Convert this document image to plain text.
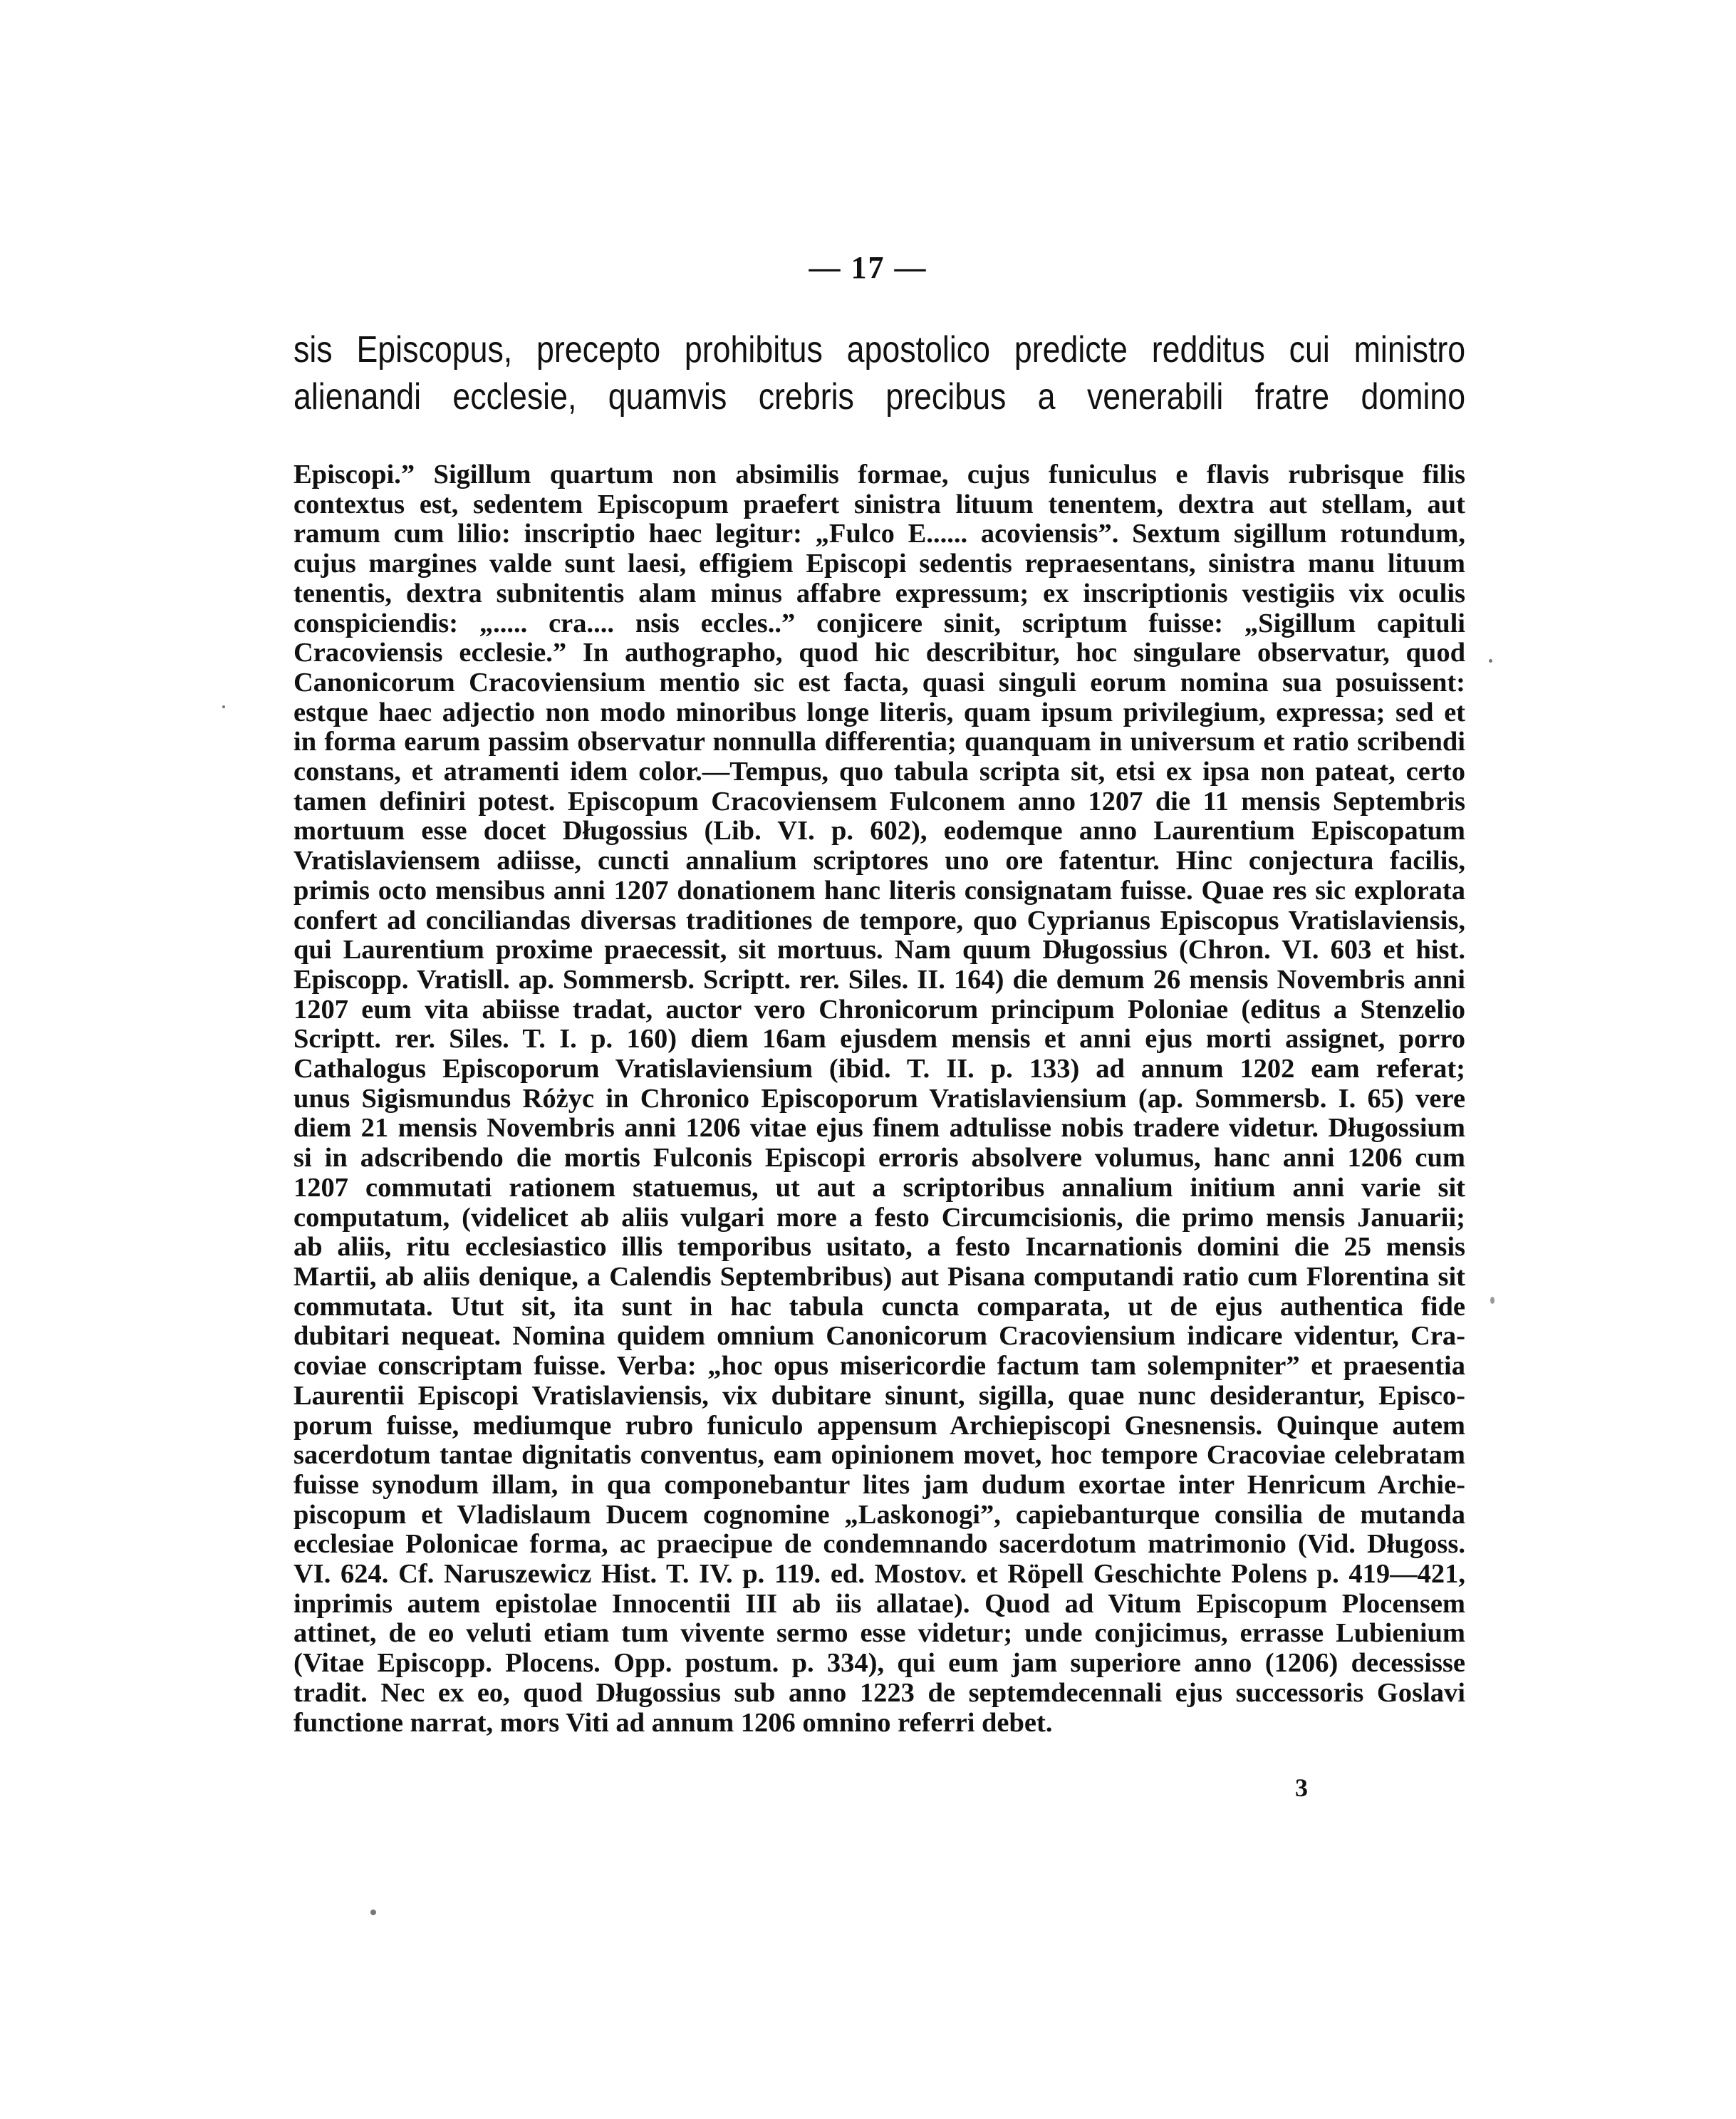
— 17 —
sis Episcopus, precepto prohibitus apostolico predicte redditus cui ministro
alienandi ecclesie, quamvis crebris precibus a venerabili fratre domino

Episcopi.” Sigillum quartum non absimilis formae, cujus funiculus e flavis rubrisque filis

contextus est, sedentem Episcopum praefert sinistra lituum tenentem, dextra aut stellam, aut

ramum cum lilio: inscriptio haec legitur: „Fulco E...... acoviensis”. Sextum sigillum rotundum,

cujus margines valde sunt laesi, effigiem Episcopi sedentis repraesentans, sinistra manu lituum

tenentis, dextra subnitentis alam minus affabre expressum; ex inscriptionis vestigiis vix oculis

conspiciendis: „..... cra.... nsis eccles..” conjicere sinit, scriptum fuisse: „Sigillum capituli

Cracoviensis ecclesie.” In authographo, quod hic describitur, hoc singulare observatur, quod

Canonicorum Cracoviensium mentio sic est facta, quasi singuli eorum nomina sua posuissent:

estque haec adjectio non modo minoribus longe literis, quam ipsum privilegium, expressa; sed et

in forma earum passim observatur nonnulla differentia; quanquam in universum et ratio scribendi

constans, et atramenti idem color.—Tempus, quo tabula scripta sit, etsi ex ipsa non pateat, certo

tamen definiri potest. Episcopum Cracoviensem Fulconem anno 1207 die 11 mensis Septembris

mortuum esse docet Długossius (Lib. VI. p. 602), eodemque anno Laurentium Episcopatum

Vratislaviensem adiisse, cuncti annalium scriptores uno ore fatentur. Hinc conjectura facilis,

primis octo mensibus anni 1207 donationem hanc literis consignatam fuisse. Quae res sic explorata

confert ad conciliandas diversas traditiones de tempore, quo Cyprianus Episcopus Vratislaviensis,

qui Laurentium proxime praecessit, sit mortuus. Nam quum Długossius (Chron. VI. 603 et hist.

Episcopp. Vratisll. ap. Sommersb. Scriptt. rer. Siles. II. 164) die demum 26 mensis Novembris anni

1207 eum vita abiisse tradat, auctor vero Chronicorum principum Poloniae (editus a Stenzelio

Scriptt. rer. Siles. T. I. p. 160) diem 16am ejusdem mensis et anni ejus morti assignet, porro

Cathalogus Episcoporum Vratislaviensium (ibid. T. II. p. 133) ad annum 1202 eam referat;

unus Sigismundus Różyc in Chronico Episcoporum Vratislaviensium (ap. Sommersb. I. 65) vere

diem 21 mensis Novembris anni 1206 vitae ejus finem adtulisse nobis tradere videtur. Długossium

si in adscribendo die mortis Fulconis Episcopi erroris absolvere volumus, hanc anni 1206 cum

1207 commutati rationem statuemus, ut aut a scriptoribus annalium initium anni varie sit

computatum, (videlicet ab aliis vulgari more a festo Circumcisionis, die primo mensis Januarii;

ab aliis, ritu ecclesiastico illis temporibus usitato, a festo Incarnationis domini die 25 mensis

Martii, ab aliis denique, a Calendis Septembribus) aut Pisana computandi ratio cum Florentina sit

commutata. Utut sit, ita sunt in hac tabula cuncta comparata, ut de ejus authentica fide

dubitari nequeat. Nomina quidem omnium Canonicorum Cracoviensium indicare videntur, Cra-

coviae conscriptam fuisse. Verba: „hoc opus misericordie factum tam solempniter” et praesentia

Laurentii Episcopi Vratislaviensis, vix dubitare sinunt, sigilla, quae nunc desiderantur, Episco-

porum fuisse, mediumque rubro funiculo appensum Archiepiscopi Gnesnensis. Quinque autem

sacerdotum tantae dignitatis conventus, eam opinionem movet, hoc tempore Cracoviae celebratam

fuisse synodum illam, in qua componebantur lites jam dudum exortae inter Henricum Archie-

piscopum et Vladislaum Ducem cognomine „Laskonogi”, capiebanturque consilia de mutanda

ecclesiae Polonicae forma, ac praecipue de condemnando sacerdotum matrimonio (Vid. Długoss.

VI. 624. Cf. Naruszewicz Hist. T. IV. p. 119. ed. Mostov. et Röpell Geschichte Polens p. 419—421,

inprimis autem epistolae Innocentii III ab iis allatae). Quod ad Vitum Episcopum Plocensem

attinet, de eo veluti etiam tum vivente sermo esse videtur; unde conjicimus, errasse Lubienium

(Vitae Episcopp. Plocens. Opp. postum. p. 334), qui eum jam superiore anno (1206) decessisse

tradit. Nec ex eo, quod Długossius sub anno 1223 de septemdecennali ejus successoris Goslavi

functione narrat, mors Viti ad annum 1206 omnino referri debet.

3
